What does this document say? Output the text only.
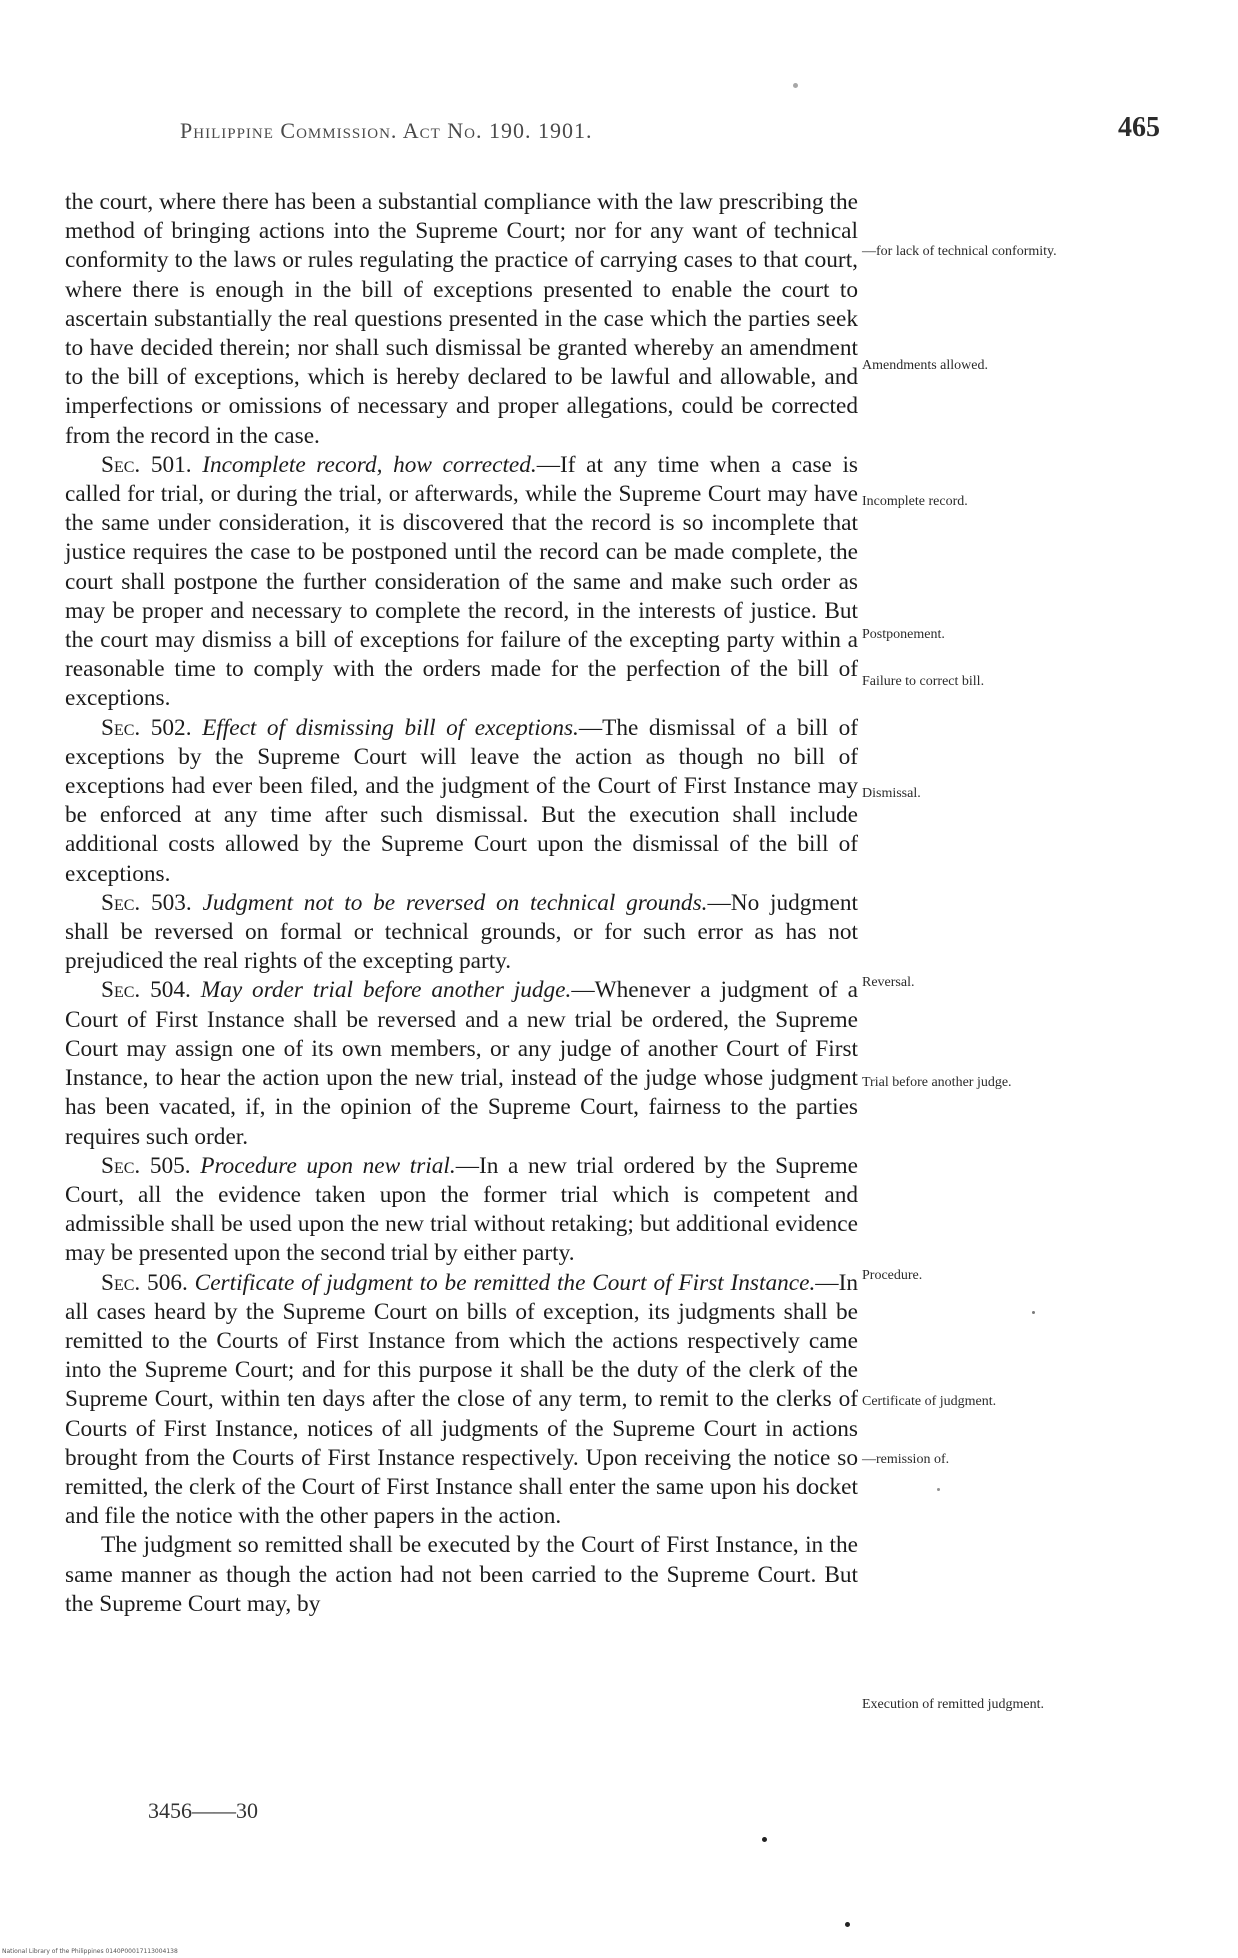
Philippine Commission. Act No. 190. 1901.	465

the court, where there has been a substantial compliance with the law prescribing the method of bringing actions into the Supreme Court; nor for any want of technical conformity to the laws or rules regulating the practice of carrying cases to that court, where there is enough in the bill of exceptions presented to enable the court to ascertain substantially the real questions presented in the case which the parties seek to have decided therein; nor shall such dismissal be granted whereby an amendment to the bill of exceptions, which is hereby declared to be lawful and allowable, and imperfections or omissions of necessary and proper allegations, could be corrected from the record in the case.

Sec. 501. Incomplete record, how corrected.—If at any time when a case is called for trial, or during the trial, or afterwards, while the Supreme Court may have the same under consideration, it is discovered that the record is so incomplete that justice requires the case to be postponed until the record can be made complete, the court shall postpone the further consideration of the same and make such order as may be proper and necessary to complete the record, in the interests of justice. But the court may dismiss a bill of exceptions for failure of the excepting party within a reasonable time to comply with the orders made for the perfection of the bill of exceptions.

Sec. 502. Effect of dismissing bill of exceptions.—The dismissal of a bill of exceptions by the Supreme Court will leave the action as though no bill of exceptions had ever been filed, and the judgment of the Court of First Instance may be enforced at any time after such dismissal. But the execution shall include additional costs allowed by the Supreme Court upon the dismissal of the bill of exceptions.

Sec. 503. Judgment not to be reversed on technical grounds.—No judgment shall be reversed on formal or technical grounds, or for such error as has not prejudiced the real rights of the excepting party.

Sec. 504. May order trial before another judge.—Whenever a judgment of a Court of First Instance shall be reversed and a new trial be ordered, the Supreme Court may assign one of its own members, or any judge of another Court of First Instance, to hear the action upon the new trial, instead of the judge whose judgment has been vacated, if, in the opinion of the Supreme Court, fairness to the parties requires such order.

Sec. 505. Procedure upon new trial.—In a new trial ordered by the Supreme Court, all the evidence taken upon the former trial which is competent and admissible shall be used upon the new trial without retaking; but additional evidence may be presented upon the second trial by either party.

Sec. 506. Certificate of judgment to be remitted the Court of First Instance.—In all cases heard by the Supreme Court on bills of exception, its judgments shall be remitted to the Courts of First Instance from which the actions respectively came into the Supreme Court; and for this purpose it shall be the duty of the clerk of the Supreme Court, within ten days after the close of any term, to remit to the clerks of Courts of First Instance, notices of all judgments of the Supreme Court in actions brought from the Courts of First Instance respectively. Upon receiving the notice so remitted, the clerk of the Court of First Instance shall enter the same upon his docket and file the notice with the other papers in the action.

The judgment so remitted shall be executed by the Court of First Instance, in the same manner as though the action had not been carried to the Supreme Court. But the Supreme Court may, by

—for lack of technical conformity.
Amendments allowed.
Incomplete record.
Postponement.
Failure to correct bill.
Dismissal.
Reversal.
Trial before another judge.
Procedure.
Certificate of judgment.
—remission of.
Execution of remitted judgment.
3456——30
National Library of the Philippines 0140P00017113004138
